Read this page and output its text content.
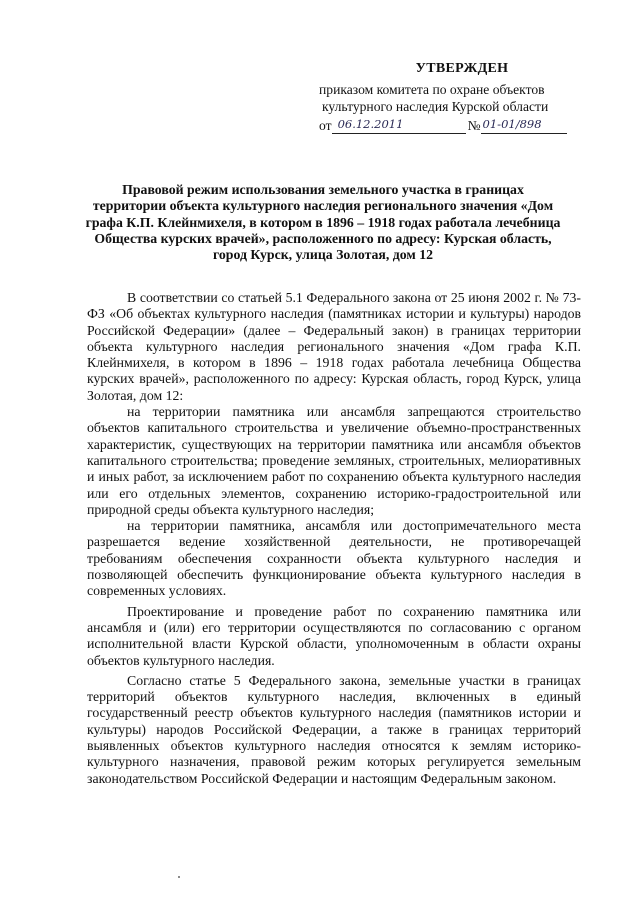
УТВЕРЖДЕН
приказом комитета по охране объектов
культурного наследия Курской области
от 06.12.2011	№ 01-01/898
Правовой режим использования земельного участка в границах территории объекта культурного наследия регионального значения «Дом графа К.П. Клейнмихеля, в котором в 1896 – 1918 годах работала лечебница Общества курских врачей», расположенного по адресу: Курская область, город Курск, улица Золотая, дом 12

В соответствии со статьей 5.1 Федерального закона от 25 июня 2002 г. № 73-ФЗ «Об объектах культурного наследия (памятниках истории и культуры) народов Российской Федерации» (далее – Федеральный закон) в границах территории объекта культурного наследия регионального значения «Дом графа К.П. Клейнмихеля, в котором в 1896 – 1918 годах работала лечебница Общества курских врачей», расположенного по адресу: Курская область, город Курск, улица Золотая, дом 12:

на территории памятника или ансамбля запрещаются строительство объектов капитального строительства и увеличение объемно-пространственных характеристик, существующих на территории памятника или ансамбля объектов капитального строительства; проведение земляных, строительных, мелиоративных и иных работ, за исключением работ по сохранению объекта культурного наследия или его отдельных элементов, сохранению историко-градостроительной или природной среды объекта культурного наследия;

на территории памятника, ансамбля или достопримечательного места разрешается ведение хозяйственной деятельности, не противоречащей требованиям обеспечения сохранности объекта культурного наследия и позволяющей обеспечить функционирование объекта культурного наследия в современных условиях.

Проектирование и проведение работ по сохранению памятника или ансамбля и (или) его территории осуществляются по согласованию с органом исполнительной власти Курской области, уполномоченным в области охраны объектов культурного наследия.

Согласно статье 5 Федерального закона, земельные участки в границах территорий объектов культурного наследия, включенных в единый государственный реестр объектов культурного наследия (памятников истории и культуры) народов Российской Федерации, а также в границах территорий выявленных объектов культурного наследия относятся к землям историко-культурного назначения, правовой режим которых регулируется земельным законодательством Российской Федерации и настоящим Федеральным законом.
